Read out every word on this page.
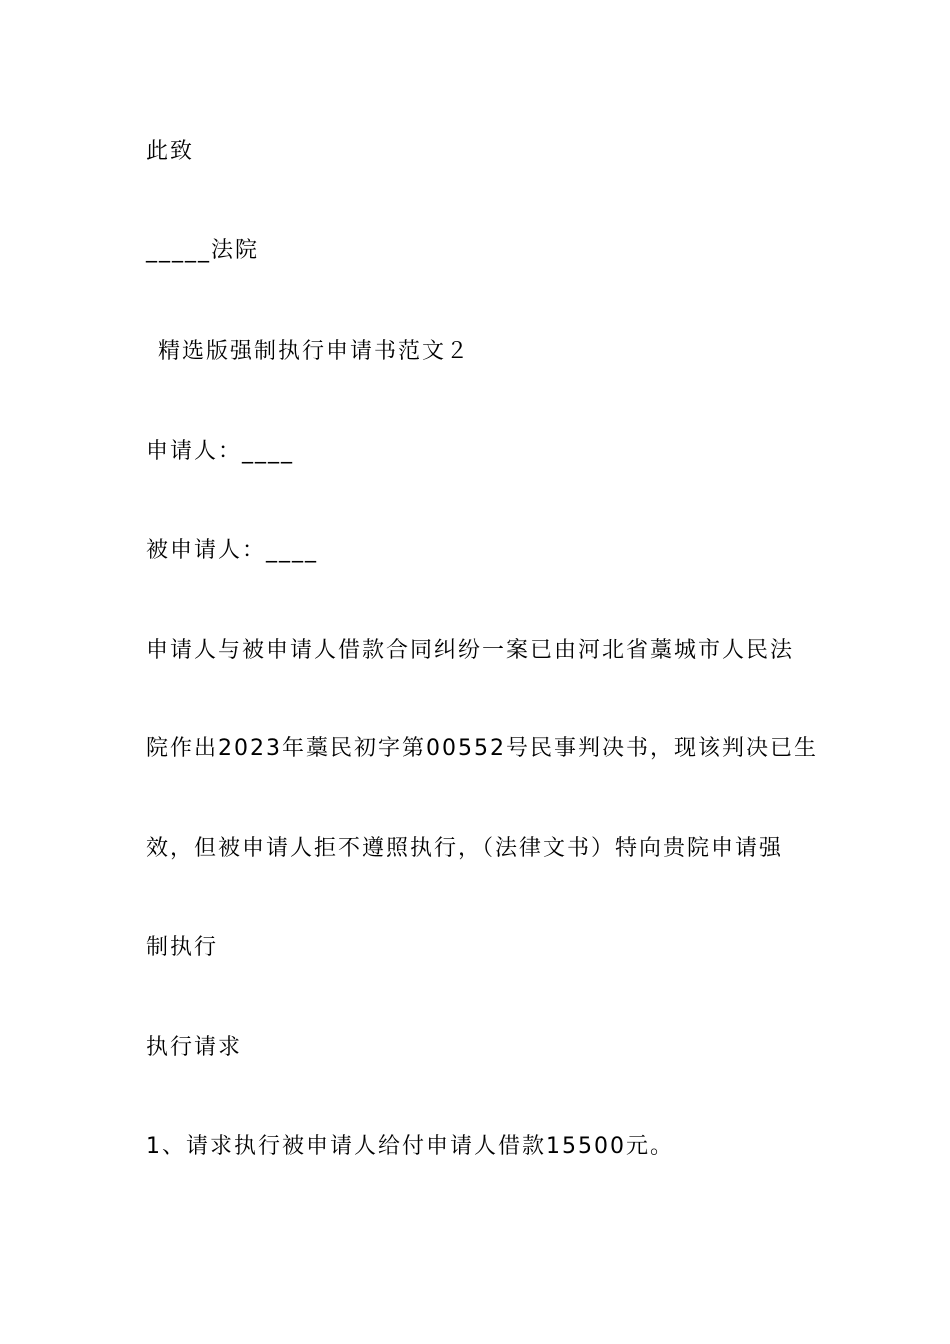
此致
_____法院
精选版强制执行申请书范文２
申请人：____
被申请人：____
申请人与被申请人借款合同纠纷一案已由河北省藁城市人民法
院作出2023年藁民初字第00552号民事判决书，现该判决已生
效，但被申请人拒不遵照执行，（法律文书）特向贵院申请强
制执行
执行请求
1、请求执行被申请人给付申请人借款15500元。
